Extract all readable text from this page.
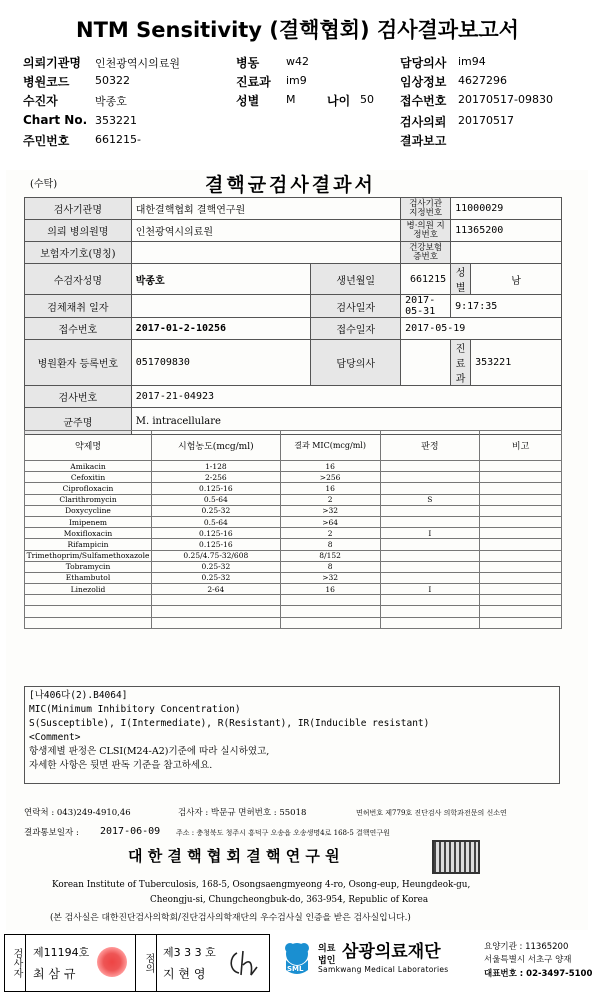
NTM Sensitivity (결핵협회) 검사결과보고서
의뢰기관명 인천광역시의료원	병동 w42	담당의사 im94
병원코드 50322	진료과 im9	임상정보 4627296
수진자	박종호	성별 M	나이 50 접수번호 20170517-09830
Chart No. 353221	검사의뢰 20170517
주민번호 661215-	결과보고
(수탁)	결핵균검사결과서
검사기관명	대한결핵협회 결핵연구원		검사기관 지정번호	11000029	
의뢰 병의원명	인천광역시의료원		병·의원 지정번호	11365200	
보험자기호(명칭)			건강보험 증번호		
수검자성명	박종호	생년월일	661215	성별	남
검체채취 일자		검사일자	2017-05-31	9:17:35	
접수번호	2017-01-2-10256	접수일자	2017-05-19		
병원환자 등록번호	051709830	담당의사		진료과	353221
검사번호	2017-21-04923				
균주명	M. intracellulare				
약제명	시험농도(mcg/ml)	결과 MIC(mcg/ml)	판정	비고
Amikacin	1-128	16		
Cefoxitin	2-256	>256		
Ciprofloxacin	0.125-16	16		
Clarithromycin	0.5-64	2	S	
Doxycycline	0.25-32	>32		
Imipenem	0.5-64	>64		
Moxifloxacin	0.125-16	2	I	
Rifampicin	0.125-16	8		
Trimethoprim/Sulfamethoxazole	0.25/4.75-32/608	8/152		
Tobramycin	0.25-32	8		
Ethambutol	0.25-32	>32		
Linezolid	2-64	16	I	

[나406다(2).B4064]
MIC(Minimum Inhibitory Concentration)
S(Susceptible), I(Intermediate), R(Resistant), IR(Inducible resistant)
<Comment>
항생제별 판정은 CLSI(M24-A2)기준에 따라 실시하였고,
자세한 사항은 뒷면 판독 기준을 참고하세요.
연락처 : 043)249-4910,46	검사자 : 박문규 면허번호 : 55018	면허번호 제779호 진단검사 의학과전문의 신소연
결과통보일자 : 2017-06-09 주소 : 충청북도 청주시 흥덕구 오송읍 오송생명4로 168-5 결핵연구원
대 한 결 핵 협 회 결 핵 연 구 원
Korean Institute of Tuberculosis, 168-5, Osongsaengmyeong 4-ro, Osong-eup, Heungdeok-gu,
Cheongju-si, Chungcheongbuk-do, 363-954, Republic of Korea
(본 검사실은 대한진단검사의학회/진단검사의학재단의 우수검사실 인증을 받은 검사실입니다.)
검사자	제11194호
최 삼 규
점의
제3 3 3 호
지 현 영	SML
의료
법인 삼광의료재단
Samkwang Medical Laboratories
요양기관 : 11365200
서울특별시 서초구 양재
대표번호 : 02-3497-5100
